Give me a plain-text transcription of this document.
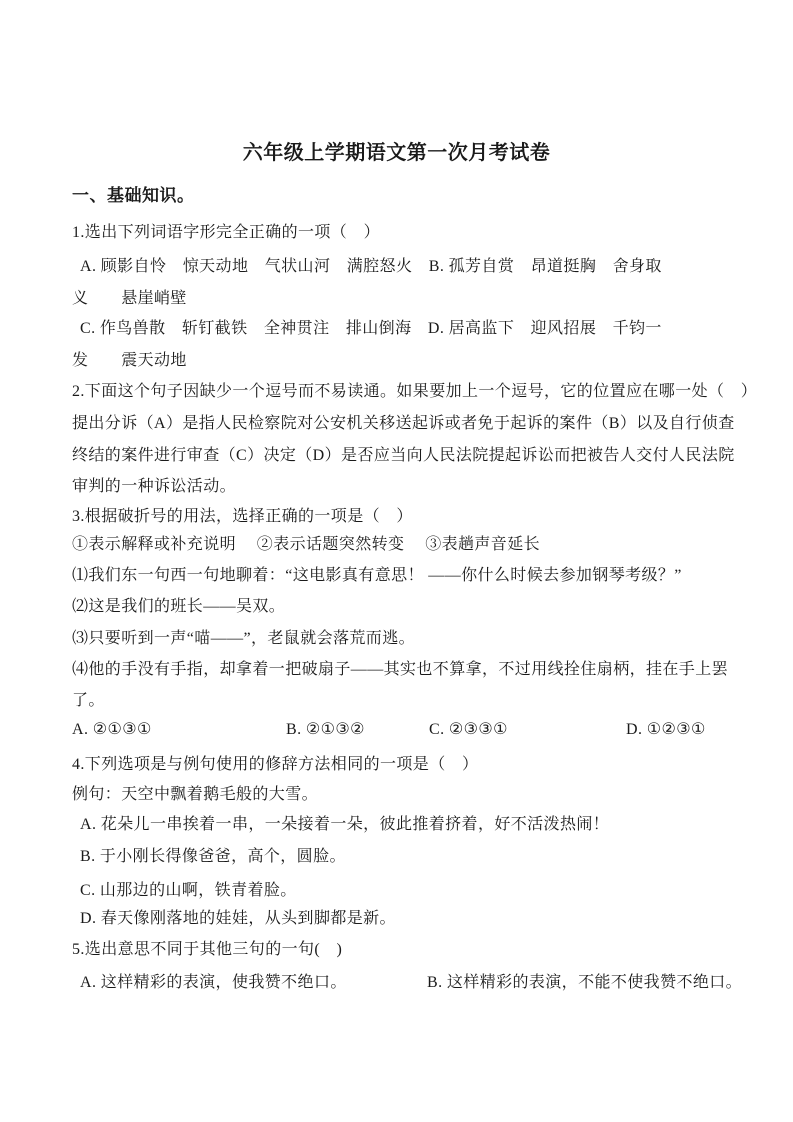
六年级上学期语文第一次月考试卷
一、基础知识。
1.选出下列词语字形完全正确的一项（　）
A. 顾影自怜　惊天动地　气状山河　满腔怒火　B. 孤芳自赏　昂道挺胸　舍身取
义　　悬崖峭壁
C. 作鸟兽散　斩钉截铁　全神贯注　排山倒海　D. 居高监下　迎风招展　千钧一
发　　震天动地
2.下面这个句子因缺少一个逗号而不易读通。如果要加上一个逗号，它的位置应在哪一处（　）
提出分诉（A）是指人民检察院对公安机关移送起诉或者免于起诉的案件（B）以及自行侦查
终结的案件进行审查（C）决定（D）是否应当向人民法院提起诉讼而把被告人交付人民法院
审判的一种诉讼活动。
3.根据破折号的用法，选择正确的一项是（　）
①表示解释或补充说明　 ②表示话题突然转变　 ③表趟声音延长
⑴我们东一句西一句地聊着：“这电影真有意思！ ——你什么时候去参加钢琴考级？”
⑵这是我们的班长——吴双。
⑶只要听到一声“喵——”，老鼠就会落荒而逃。
⑷他的手没有手指，却拿着一把破扇子——其实也不算拿，不过用线拴住扇柄，挂在手上罢
了。
A. ②①③①	B. ②①③②	C. ②③③①	D. ①②③①
4.下列选项是与例句使用的修辞方法相同的一项是（　）
例句：天空中飘着鹅毛般的大雪。
A. 花朵儿一串挨着一串，一朵接着一朵，彼此推着挤着，好不活泼热闹！
B. 于小刚长得像爸爸，高个，圆脸。
C. 山那边的山啊，铁青着脸。
D. 春天像刚落地的娃娃，从头到脚都是新。
5.选出意思不同于其他三句的一句(　)
A. 这样精彩的表演，使我赞不绝口。	B. 这样精彩的表演，不能不使我赞不绝口。
